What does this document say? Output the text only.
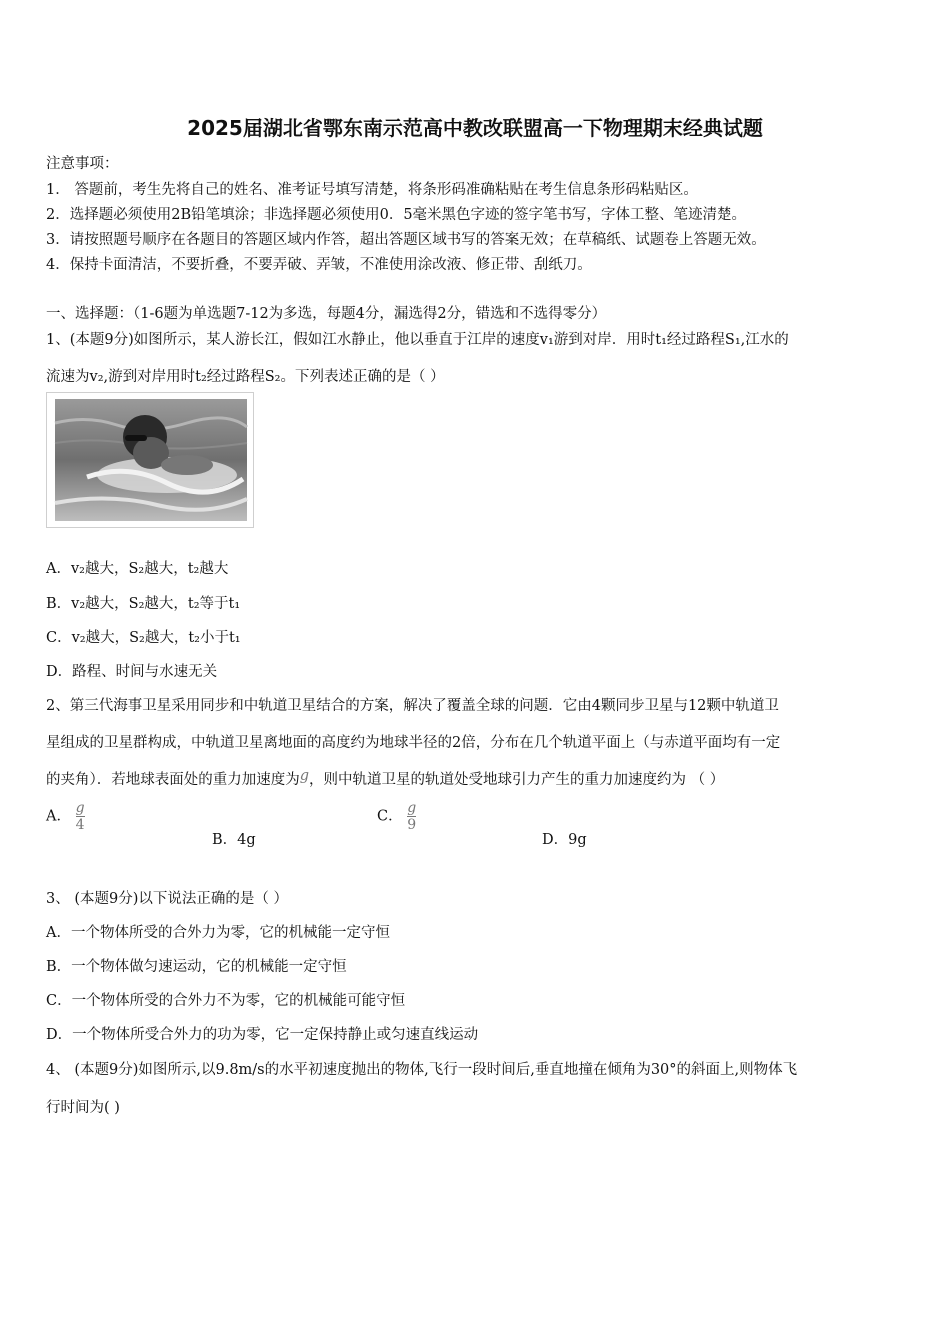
2025届湖北省鄂东南示范高中教改联盟高一下物理期末经典试题
注意事项：
1． 答题前，考生先将自己的姓名、准考证号填写清楚，将条形码准确粘贴在考生信息条形码粘贴区。
2．选择题必须使用2B铅笔填涂；非选择题必须使用0．5毫米黑色字迹的签字笔书写，字体工整、笔迹清楚。
3．请按照题号顺序在各题目的答题区域内作答，超出答题区域书写的答案无效；在草稿纸、试题卷上答题无效。
4．保持卡面清洁，不要折叠，不要弄破、弄皱，不准使用涂改液、修正带、刮纸刀。
一、选择题：（1-6题为单选题7-12为多选，每题4分，漏选得2分，错选和不选得零分）
1、(本题9分)如图所示，某人游长江，假如江水静止，他以垂直于江岸的速度v₁游到对岸．用时t₁经过路程S₁,江水的
流速为v₂,游到对岸用时t₂经过路程S₂。下列表述正确的是（ ）
A．v₂越大，S₂越大，t₂越大
B．v₂越大，S₂越大，t₂等于t₁
C．v₂越大，S₂越大，t₂小于t₁
D．路程、时间与水速无关
2、第三代海事卫星采用同步和中轨道卫星结合的方案，解决了覆盖全球的问题．它由4颗同步卫星与12颗中轨道卫
星组成的卫星群构成，中轨道卫星离地面的高度约为地球半径的2倍，分布在几个轨道平面上（与赤道平面均有一定
的夹角）．若地球表面处的重力加速度为g，则中轨道卫星的轨道处受地球引力产生的重力加速度约为 （ ）
A． $\frac{g}{4}$
B．4g
C． $\frac{g}{9}$
D．9g
3、 (本题9分)以下说法正确的是（ ）
A．一个物体所受的合外力为零，它的机械能一定守恒
B．一个物体做匀速运动，它的机械能一定守恒
C．一个物体所受的合外力不为零，它的机械能可能守恒
D．一个物体所受合外力的功为零，它一定保持静止或匀速直线运动
4、 (本题9分)如图所示,以9.8m/s的水平初速度抛出的物体,飞行一段时间后,垂直地撞在倾角为30°的斜面上,则物体飞
行时间为( )
